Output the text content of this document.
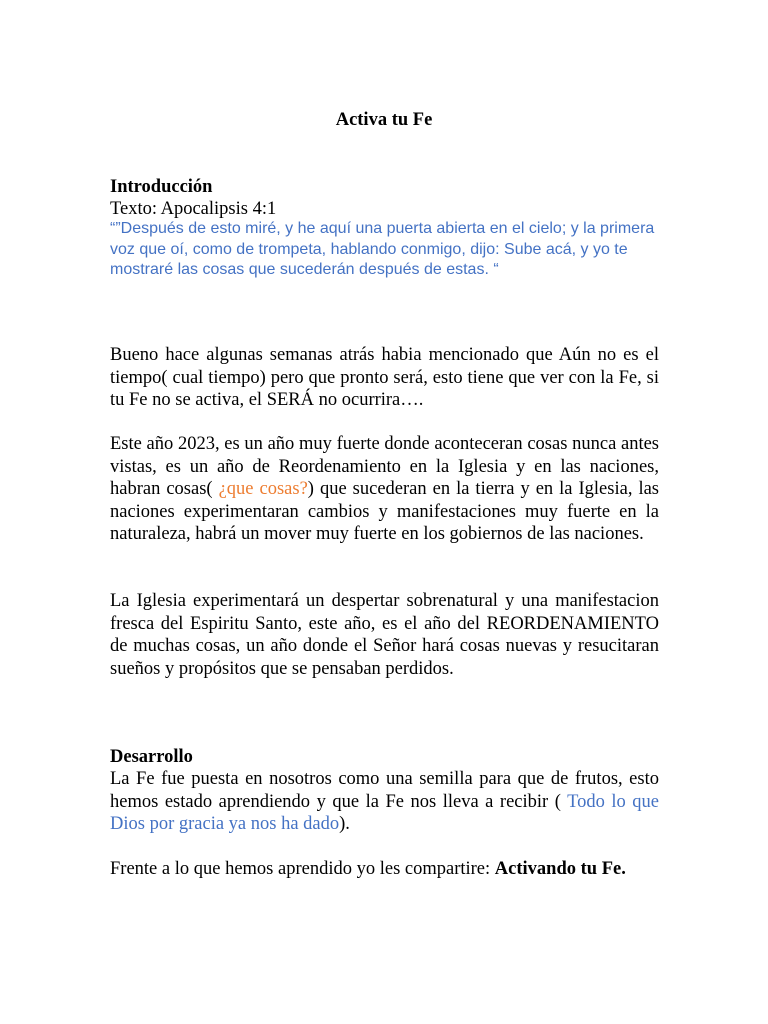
Activa tu Fe
Introducción
Texto: Apocalipsis 4:1

“”Después de esto miré, y he aquí una puerta abierta en el cielo; y la primera voz que oí, como de trompeta, hablando conmigo, dijo: Sube acá, y yo te mostraré las cosas que sucederán después de estas. “

Bueno hace algunas semanas atrás habia mencionado que Aún no es el tiempo( cual tiempo) pero que pronto será, esto tiene que ver con la Fe, si tu Fe no se activa, el SERÁ no ocurrira….

Este año 2023, es un año muy fuerte donde aconteceran cosas nunca antes vistas, es un año de Reordenamiento en la Iglesia y en las naciones, habran cosas( ¿que cosas?) que sucederan en la tierra y en la Iglesia, las naciones experimentaran cambios y manifestaciones muy fuerte en la naturaleza, habrá un mover muy fuerte en los gobiernos de las naciones.

La Iglesia experimentará un despertar sobrenatural y una manifestacion fresca del Espiritu Santo, este año, es el año del REORDENAMIENTO de muchas cosas, un año donde el Señor hará cosas nuevas y resucitaran sueños y propósitos que se pensaban perdidos.

Desarrollo

La Fe fue puesta en nosotros como una semilla para que de frutos, esto hemos estado aprendiendo y que la Fe nos lleva a recibir ( Todo lo que Dios por gracia ya nos ha dado).

Frente a lo que hemos aprendido yo les compartire: Activando tu Fe.
